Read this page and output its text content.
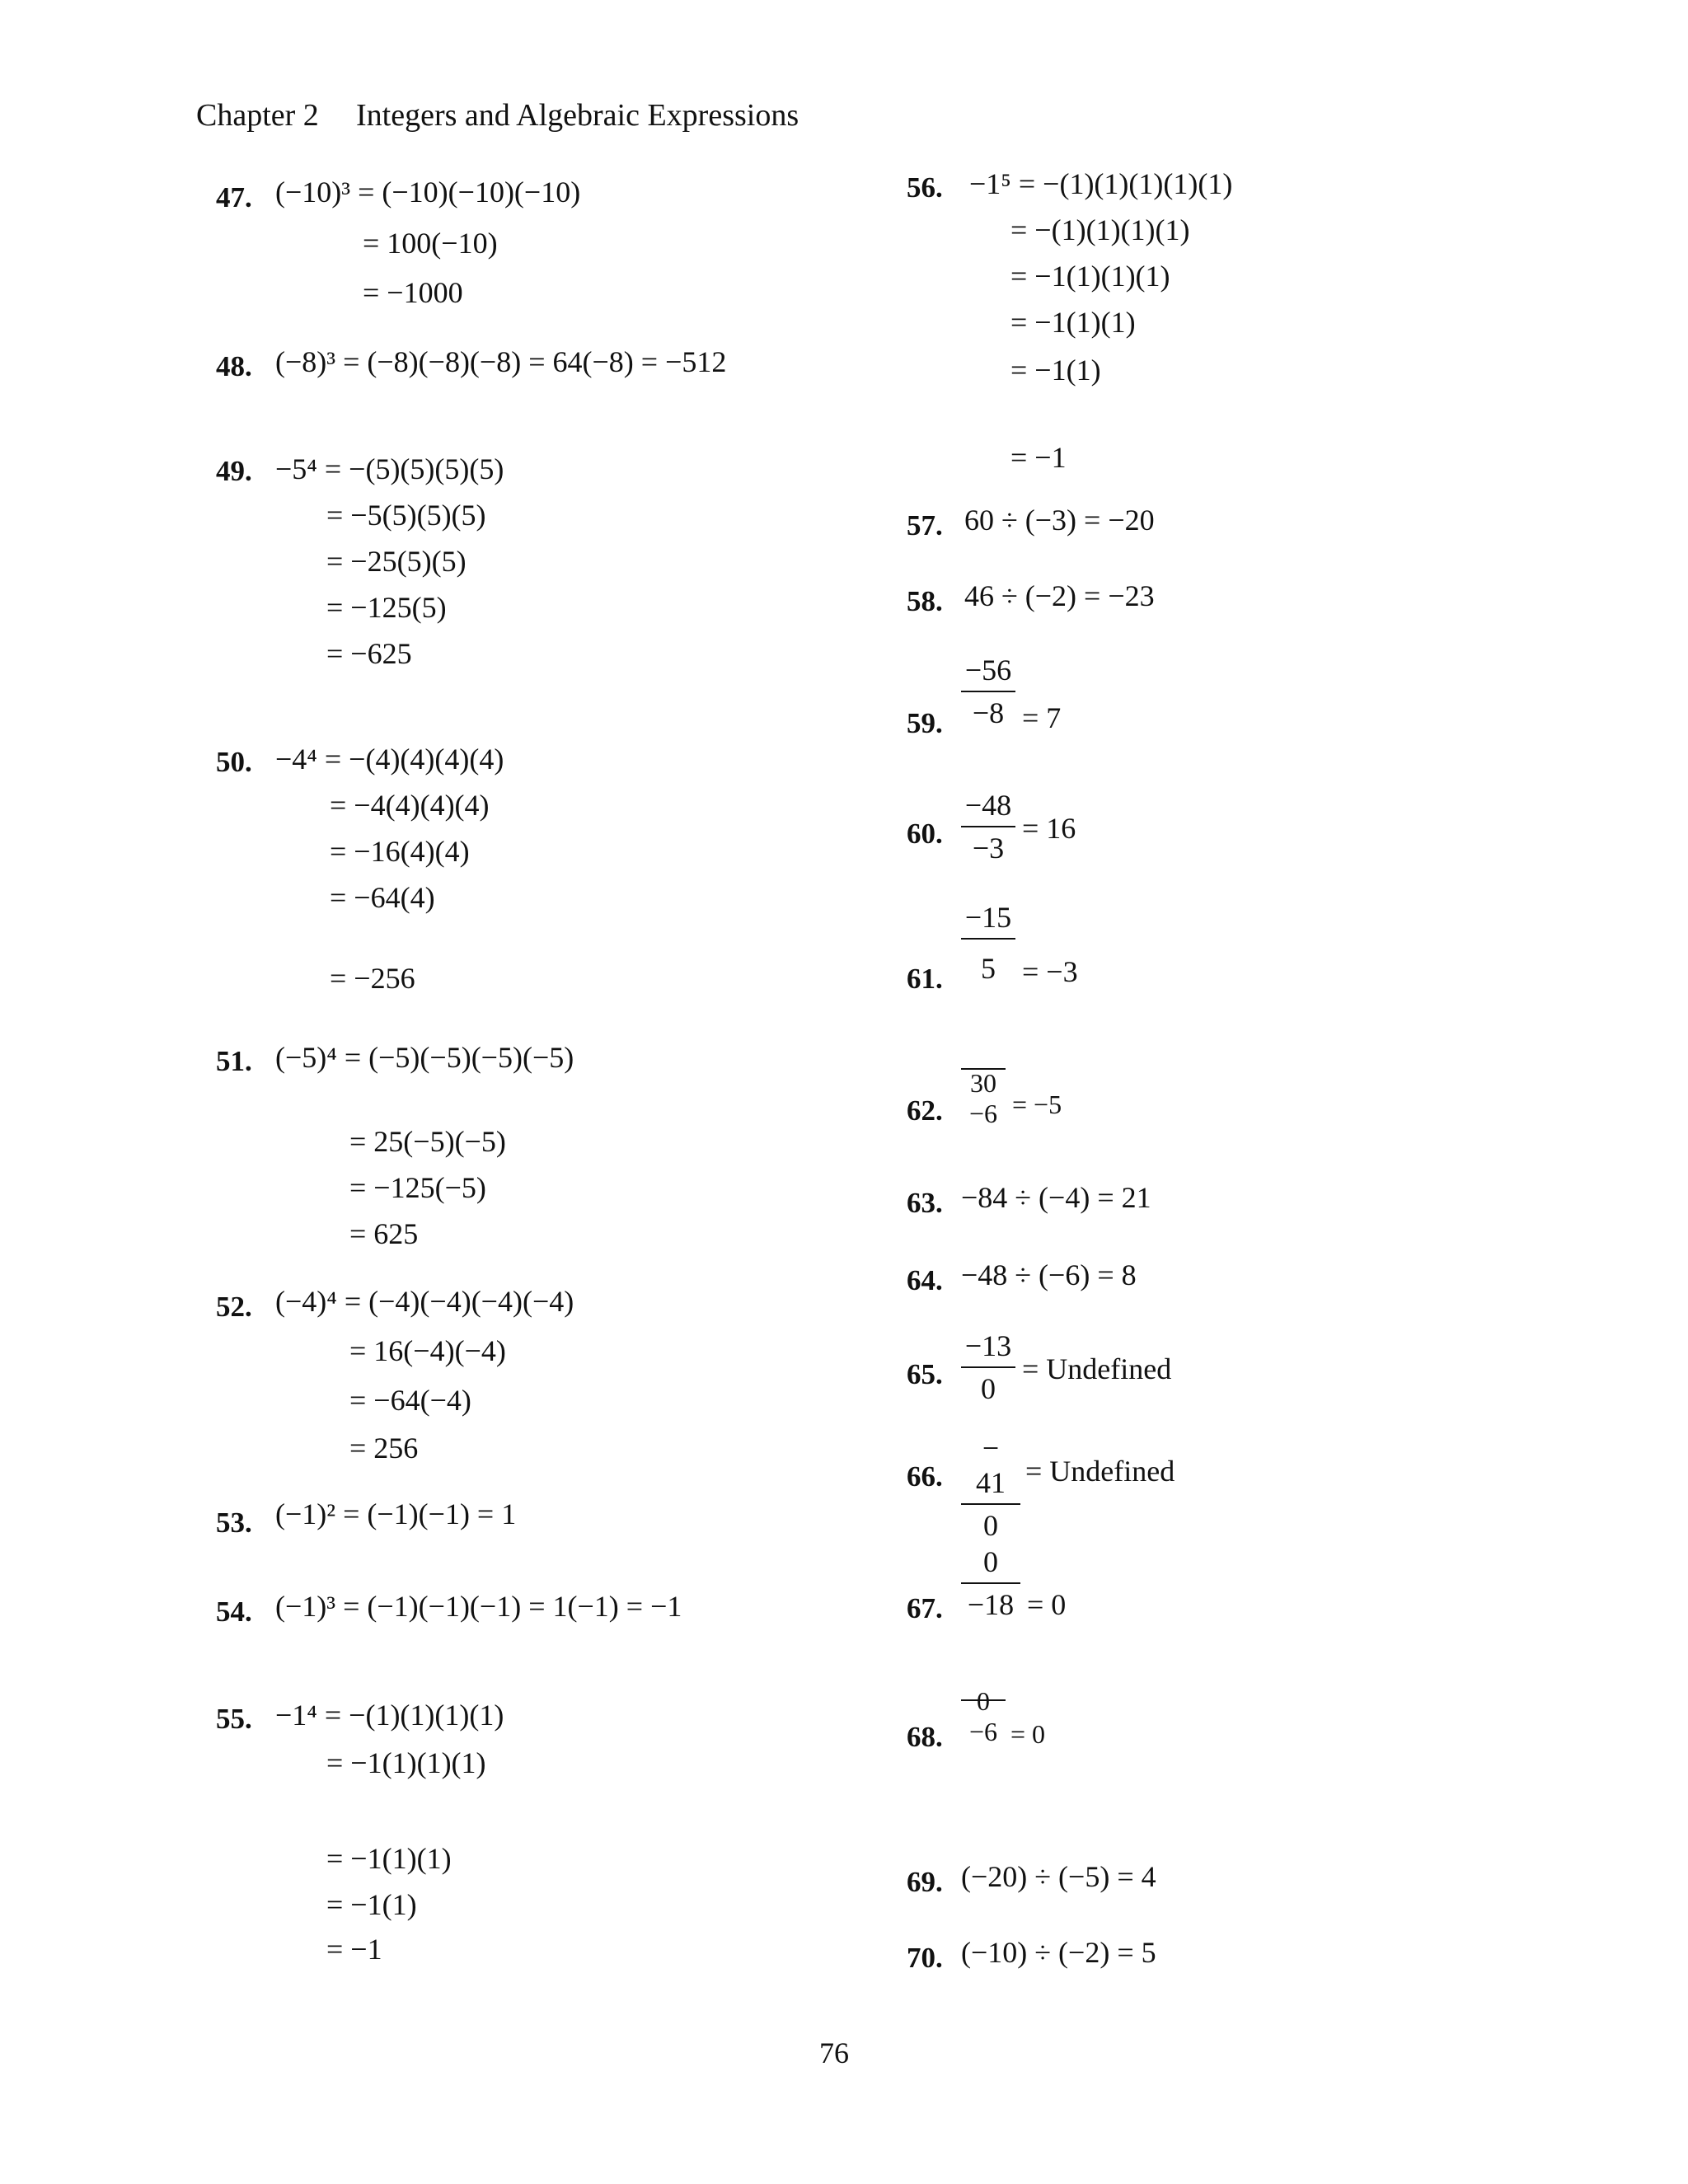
Chapter 2 Integers and Algebraic Expressions
47. (−10)³ = (−10)(−10)(−10)
= 100(−10)
= −1000
48. (−8)³ = (−8)(−8)(−8) = 64(−8) = −512
49. −5⁴ = −(5)(5)(5)(5)
= −5(5)(5)(5)
= −25(5)(5)
= −125(5)
= −625
50. −4⁴ = −(4)(4)(4)(4)
= −4(4)(4)(4)
= −16(4)(4)
= −64(4)
= −256
51. (−5)⁴ = (−5)(−5)(−5)(−5)
= 25(−5)(−5)
= −125(−5)
= 625
52. (−4)⁴ = (−4)(−4)(−4)(−4)
= 16(−4)(−4)
= −64(−4)
= 256
53. (−1)² = (−1)(−1) = 1
54. (−1)³ = (−1)(−1)(−1) = 1(−1) = −1
55. −1⁴ = −(1)(1)(1)(1)
= −1(1)(1)(1)
= −1(1)(1)
= −1(1)
= −1
56. −1⁵ = −(1)(1)(1)(1)(1)
= −(1)(1)(1)(1)
= −1(1)(1)(1)
= −1(1)(1)
= −1(1)
= −1
57. 60 ÷ (−3) = −20
58. 46 ÷ (−2) = −23
59.
−56
−8 = 7
60.
−48
−3
= 16
61.
−15
5 = −3
62.
30
−6 = −5
63. −84 ÷ (−4) = 21
64. −48 ÷ (−6) = 8
65.
−13
0
= Undefined
66.
− 41
0
= Undefined
67.
0
−18 = 0
68.
0
−6 = 0
69. (−20) ÷ (−5) = 4
70. (−10) ÷ (−2) = 5
76
